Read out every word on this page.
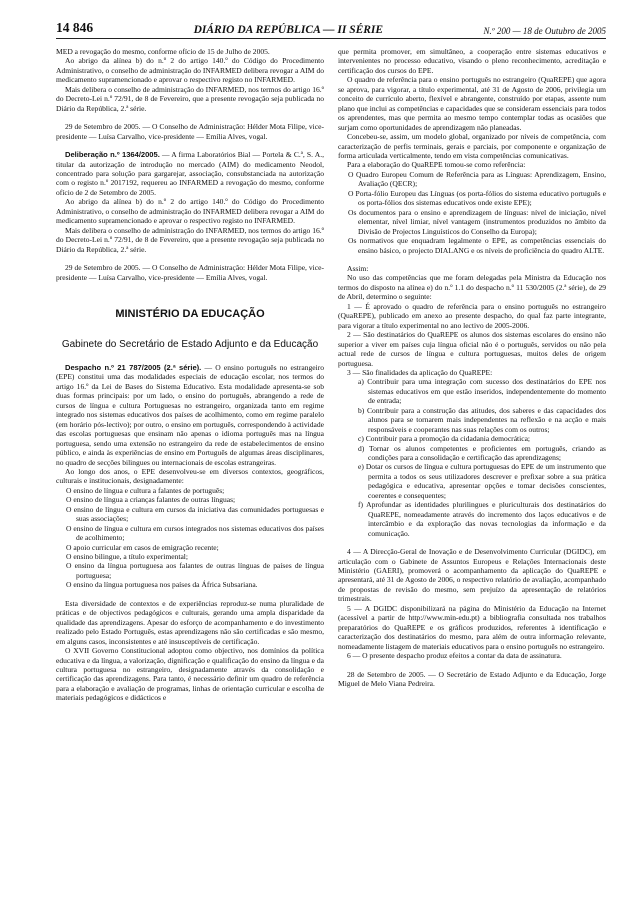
14 846	DIÁRIO DA REPÚBLICA — II SÉRIE	N.º 200 — 18 de Outubro de 2005

MED a revogação do mesmo, conforme ofício de 15 de Julho de 2005.

Ao abrigo da alínea b) do n.º 2 do artigo 140.º do Código do Procedimento Administrativo, o conselho de administração do INFARMED delibera revogar a AIM do medicamento supramencionado e aprovar o respectivo registo no INFARMED.

Mais delibera o conselho de administração do INFARMED, nos termos do artigo 16.º do Decreto-Lei n.º 72/91, de 8 de Fevereiro, que a presente revogação seja publicada no Diário da República, 2.ª série.

29 de Setembro de 2005. — O Conselho de Administração: Hélder Mota Filipe, vice-presidente — Luísa Carvalho, vice-presidente — Emília Alves, vogal.

Deliberação n.º 1364/2005. — A firma Laboratórios Bial — Portela & C.ª, S. A., titular da autorização de introdução no mercado (AIM) do medicamento Neodol, concentrado para solução para gargarejar, associação, consubstanciada na autorização com o registo n.º 2017192, requereu ao INFARMED a revogação do mesmo, conforme ofício de 2 de Setembro de 2005.

Ao abrigo da alínea b) do n.º 2 do artigo 140.º do Código do Procedimento Administrativo, o conselho de administração do INFARMED delibera revogar a AIM do medicamento supramencionado e aprovar o respectivo registo no INFARMED.

Mais delibera o conselho de administração do INFARMED, nos termos do artigo 16.º do Decreto-Lei n.º 72/91, de 8 de Fevereiro, que a presente revogação seja publicada no Diário da República, 2.ª série.

29 de Setembro de 2005. — O Conselho de Administração: Hélder Mota Filipe, vice-presidente — Luísa Carvalho, vice-presidente — Emília Alves, vogal.

MINISTÉRIO DA EDUCAÇÃO
Gabinete do Secretário de Estado Adjunto e da Educação

Despacho n.º 21 787/2005 (2.ª série). — O ensino português no estrangeiro (EPE) constitui uma das modalidades especiais de educação escolar, nos termos do artigo 16.º da Lei de Bases do Sistema Educativo. Esta modalidade apresenta-se sob duas formas principais: por um lado, o ensino do português, abrangendo a rede de cursos de língua e cultura Portuguesas no estrangeiro, organizada tanto em regime integrado nos sistemas educativos dos países de acolhimento, como em regime paralelo (em horário pós-lectivo); por outro, o ensino em português, correspondendo à actividade das escolas portuguesas que ensinam não apenas o idioma português mas na língua portuguesa, sendo uma extensão no estrangeiro da rede de estabelecimentos de ensino público, e ainda às experiências de ensino em Português de algumas áreas disciplinares, no quadro de secções bilingues ou internacionais de escolas estrangeiras.

Ao longo dos anos, o EPE desenvolveu-se em diversos contextos, geográficos, culturais e institucionais, designadamente:

O ensino de língua e cultura a falantes de português;

O ensino de língua a crianças falantes de outras línguas;

O ensino de língua e cultura em cursos da iniciativa das comunidades portuguesas e suas associações;

O ensino de língua e cultura em cursos integrados nos sistemas educativos dos países de acolhimento;

O apoio curricular em casos de emigração recente;

O ensino bilingue, a título experimental;

O ensino da língua portuguesa aos falantes de outras línguas de países de língua portuguesa;

O ensino da língua portuguesa nos países da África Subsariana.

Esta diversidade de contextos e de experiências reproduz-se numa pluralidade de práticas e de objectivos pedagógicos e culturais, gerando uma ampla disparidade da qualidade das aprendizagens. Apesar do esforço de acompanhamento e do investimento realizado pelo Estado Português, estas aprendizagens não são certificadas e são mesmo, em alguns casos, inconsistentes e até insusceptíveis de certificação.

O XVII Governo Constitucional adoptou como objectivo, nos domínios da política educativa e da língua, a valorização, dignificação e qualificação do ensino da língua e da cultura portuguesa no estrangeiro, designadamente através da consolidação e certificação das aprendizagens. Para tanto, é necessário definir um quadro de referência para a elaboração e avaliação de programas, linhas de orientação curricular e escolha de materiais pedagógicos e didácticos e

que permita promover, em simultâneo, a cooperação entre sistemas educativos e intervenientes no processo educativo, visando o pleno reconhecimento, acreditação e certificação dos cursos do EPE.

O quadro de referência para o ensino português no estrangeiro (QuaREPE) que agora se aprova, para vigorar, a título experimental, até 31 de Agosto de 2006, privilegia um conceito de currículo aberto, flexível e abrangente, construído por etapas, assente num plano que inclui as competências e capacidades que se consideram essenciais para todos os aprendentes, mas que permita ao mesmo tempo contemplar todas as ocasiões que surjam como oportunidades de aprendizagem não planeadas.

Concebeu-se, assim, um modelo global, organizado por níveis de competência, com caracterização de perfis terminais, gerais e parciais, por componente e organização de forma articulada verticalmente, tendo em vista competências comunicativas.

Para a elaboração do QuaREPE tomou-se como referência:

O Quadro Europeu Comum de Referência para as Línguas: Aprendizagem, Ensino, Avaliação (QECR);

O Porta-fólio Europeu das Línguas (os porta-fólios do sistema educativo português e os porta-fólios dos sistemas educativos onde existe EPE);

Os documentos para o ensino e aprendizagem de línguas: nível de iniciação, nível elementar, nível limiar, nível vantagem (instrumentos produzidos no âmbito da Divisão de Projectos Linguísticos do Conselho da Europa);

Os normativos que enquadram legalmente o EPE, as competências essenciais do ensino básico, o projecto DIALANG e os níveis de proficiência do quadro ALTE.

Assim:

No uso das competências que me foram delegadas pela Ministra da Educação nos termos do disposto na alínea e) do n.º 1.1 do despacho n.º 11 530/2005 (2.ª série), de 29 de Abril, determino o seguinte:

1 — É aprovado o quadro de referência para o ensino português no estrangeiro (QuaREPE), publicado em anexo ao presente despacho, do qual faz parte integrante, para vigorar a título experimental no ano lectivo de 2005-2006.

2 — São destinatários do QuaREPE os alunos dos sistemas escolares do ensino não superior a viver em países cuja língua oficial não é o português, servidos ou não pela actual rede de cursos de língua e cultura portuguesas, muitos deles de origem portuguesa.

3 — São finalidades da aplicação do QuaREPE:

a) Contribuir para uma integração com sucesso dos destinatários do EPE nos sistemas educativos em que estão inseridos, independentemente do momento de entrada;

b) Contribuir para a construção das atitudes, dos saberes e das capacidades dos alunos para se tornarem mais independentes na reflexão e na acção e mais responsáveis e cooperantes nas suas relações com os outros;

c) Contribuir para a promoção da cidadania democrática;

d) Tornar os alunos competentes e proficientes em português, criando as condições para a consolidação e certificação das aprendizagens;

e) Dotar os cursos de língua e cultura portuguesas do EPE de um instrumento que permita a todos os seus utilizadores descrever e prefixar sobre a sua prática pedagógica e educativa, apresentar opções e tomar decisões conscientes, coerentes e consequentes;

f) Aprofundar as identidades plurilingues e pluriculturais dos destinatários do QuaREPE, nomeadamente através do incremento dos laços educativos e de intercâmbio e da exploração das novas tecnologias da informação e da comunicação.

4 — A Direcção-Geral de Inovação e de Desenvolvimento Curricular (DGIDC), em articulação com o Gabinete de Assuntos Europeus e Relações Internacionais deste Ministério (GAERI), promoverá o acompanhamento da aplicação do QuaREPE e apresentará, até 31 de Agosto de 2006, o respectivo relatório de avaliação, acompanhado de propostas de revisão do mesmo, sem prejuízo da apresentação de relatórios trimestrais.

5 — A DGIDC disponibilizará na página do Ministério da Educação na Internet (acessível a partir de http://www.min-edu.pt) a bibliografia consultada nos trabalhos preparatórios do QuaREPE e os gráficos produzidos, referentes à identificação e caracterização dos destinatários do mesmo, para além de outra informação relevante, nomeadamente listagem de materiais educativos para o ensino português no estrangeiro.

6 — O presente despacho produz efeitos a contar da data de assinatura.

28 de Setembro de 2005. — O Secretário de Estado Adjunto e da Educação, Jorge Miguel de Melo Viana Pedreira.
